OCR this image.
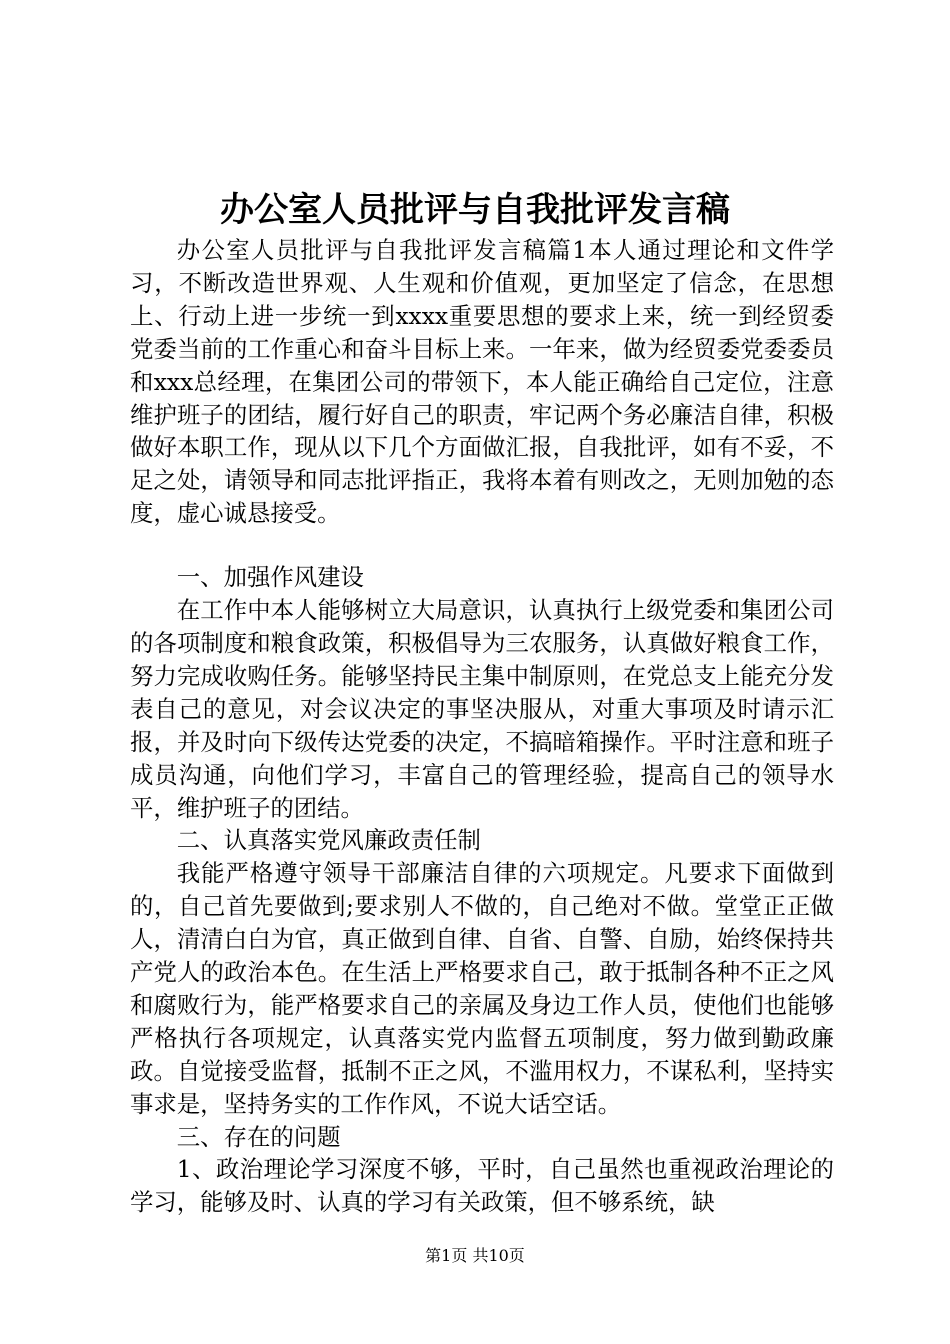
办公室人员批评与自我批评发言稿

办公室人员批评与自我批评发言稿篇1本人通过理论和文件学习，不断改造世界观、人生观和价值观，更加坚定了信念，在思想上、行动上进一步统一到xxxx重要思想的要求上来，统一到经贸委党委当前的工作重心和奋斗目标上来。一年来，做为经贸委党委委员和xxx总经理，在集团公司的带领下，本人能正确给自己定位，注意维护班子的团结，履行好自己的职责，牢记两个务必廉洁自律，积极做好本职工作，现从以下几个方面做汇报，自我批评，如有不妥，不足之处，请领导和同志批评指正，我将本着有则改之，无则加勉的态度，虚心诚恳接受。

一、加强作风建设

在工作中本人能够树立大局意识，认真执行上级党委和集团公司的各项制度和粮食政策，积极倡导为三农服务，认真做好粮食工作，努力完成收购任务。能够坚持民主集中制原则，在党总支上能充分发表自己的意见，对会议决定的事坚决服从，对重大事项及时请示汇报，并及时向下级传达党委的决定，不搞暗箱操作。平时注意和班子成员沟通，向他们学习，丰富自己的管理经验，提高自己的领导水平，维护班子的团结。

二、认真落实党风廉政责任制

我能严格遵守领导干部廉洁自律的六项规定。凡要求下面做到的，自己首先要做到;要求别人不做的，自己绝对不做。堂堂正正做人，清清白白为官，真正做到自律、自省、自警、自励，始终保持共产党人的政治本色。在生活上严格要求自己，敢于抵制各种不正之风和腐败行为，能严格要求自己的亲属及身边工作人员，使他们也能够严格执行各项规定，认真落实党内监督五项制度，努力做到勤政廉政。自觉接受监督，抵制不正之风，不滥用权力，不谋私利，坚持实事求是，坚持务实的工作作风，不说大话空话。

三、存在的问题

1、政治理论学习深度不够，平时，自己虽然也重视政治理论的学习，能够及时、认真的学习有关政策，但不够系统，缺

第1页 共10页
